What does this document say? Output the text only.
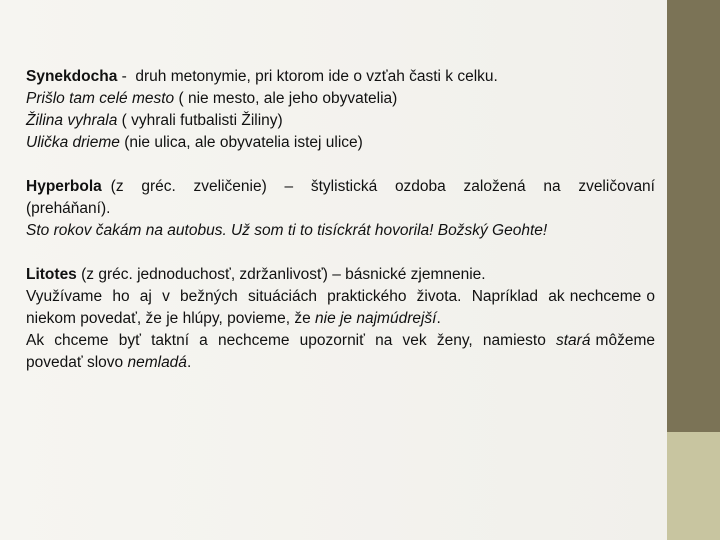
Synekdocha -  druh metonymie, pri ktorom ide o vzťah časti k celku.

Prišlo tam celé mesto ( nie mesto, ale jeho obyvatelia)

Žilina vyhrala ( vyhrali futbalisti Žiliny)

Ulička drieme (nie ulica, ale obyvatelia istej ulice)

Hyperbola (z  gréc.  zveličenie)  –  štylistická  ozdoba  založená  na  zveličovaní (preháňaní).

Sto rokov čakám na autobus. Už som ti to tisíckrát hovorila! Božský Geohte!

Litotes (z gréc. jednoduchosť, zdržanlivosť) – básnické zjemnenie.

Využívame  ho  aj  v  bežných  situáciách  praktického  života.  Napríklad  ak nechceme o niekom povedať, že je hlúpy, povieme, že nie je najmúdrejší.

Ak  chceme  byť  taktní  a  nechceme  upozorniť  na  vek  ženy,  namiesto  stará môžeme povedať slovo nemladá.
